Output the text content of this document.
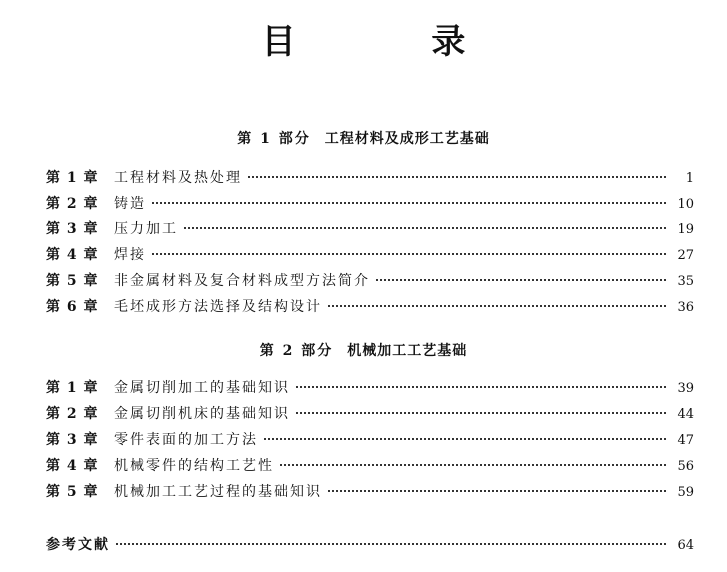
目 录
第 1 部分 工程材料及成形工艺基础
第 1 章	工程材料及热处理	1
第 2 章	铸造	10
第 3 章	压力加工	19
第 4 章	焊接	27
第 5 章	非金属材料及复合材料成型方法简介	35
第 6 章	毛坯成形方法选择及结构设计	36
第 2 部分 机械加工工艺基础
第 1 章	金属切削加工的基础知识	39
第 2 章	金属切削机床的基础知识	44
第 3 章	零件表面的加工方法	47
第 4 章	机械零件的结构工艺性	56
第 5 章	机械加工工艺过程的基础知识	59
参考文献	64
